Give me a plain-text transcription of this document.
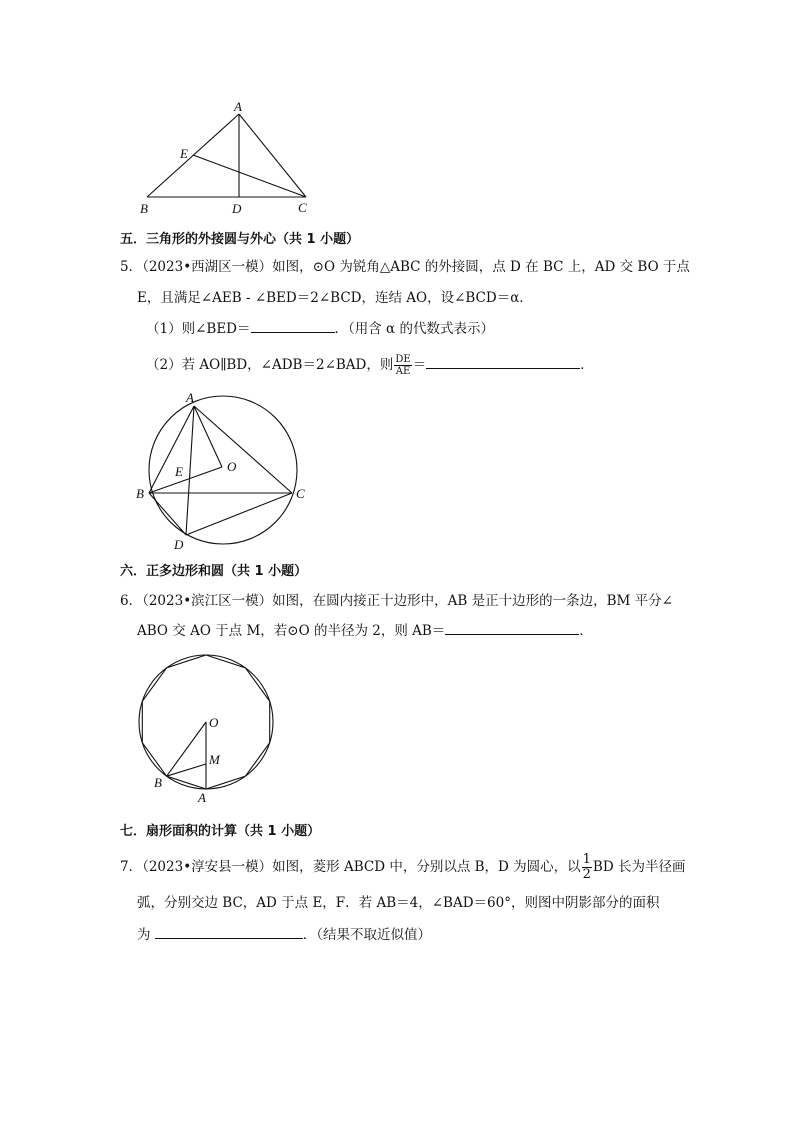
A
E
B	D	C
五．三角形的外接圆与外心（共 1 小题）
5．（2023•西湖区一模）如图，⊙O 为锐角△ABC 的外接圆，点 D 在 BC 上，AD 交 BO 于点
E，且满足∠AEB - ∠BED＝2∠BCD，连结 AO，设∠BCD＝α．
（1）则∠BED＝	．（用含 α 的代数式表示）
（2）若 AO∥BD，∠ADB＝2∠BAD，则 $\frac{DE}{AE}$ ＝	．
A
E	O
B	C
D
六．正多边形和圆（共 1 小题）
6．（2023•滨江区一模）如图，在圆内接正十边形中，AB 是正十边形的一条边，BM 平分∠
ABO 交 AO 于点 M，若⊙O 的半径为 2，则 AB＝	．
O
M
B
A
七．扇形面积的计算（共 1 小题）
7．（2023•淳安县一模）如图，菱形 ABCD 中，分别以点 B，D 为圆心，以 $\frac{1}{2}$ BD 长为半径画
弧，分别交边 BC，AD 于点 E，F．若 AB＝4，∠BAD＝60°，则图中阴影部分的面积
为	．（结果不取近似值）
